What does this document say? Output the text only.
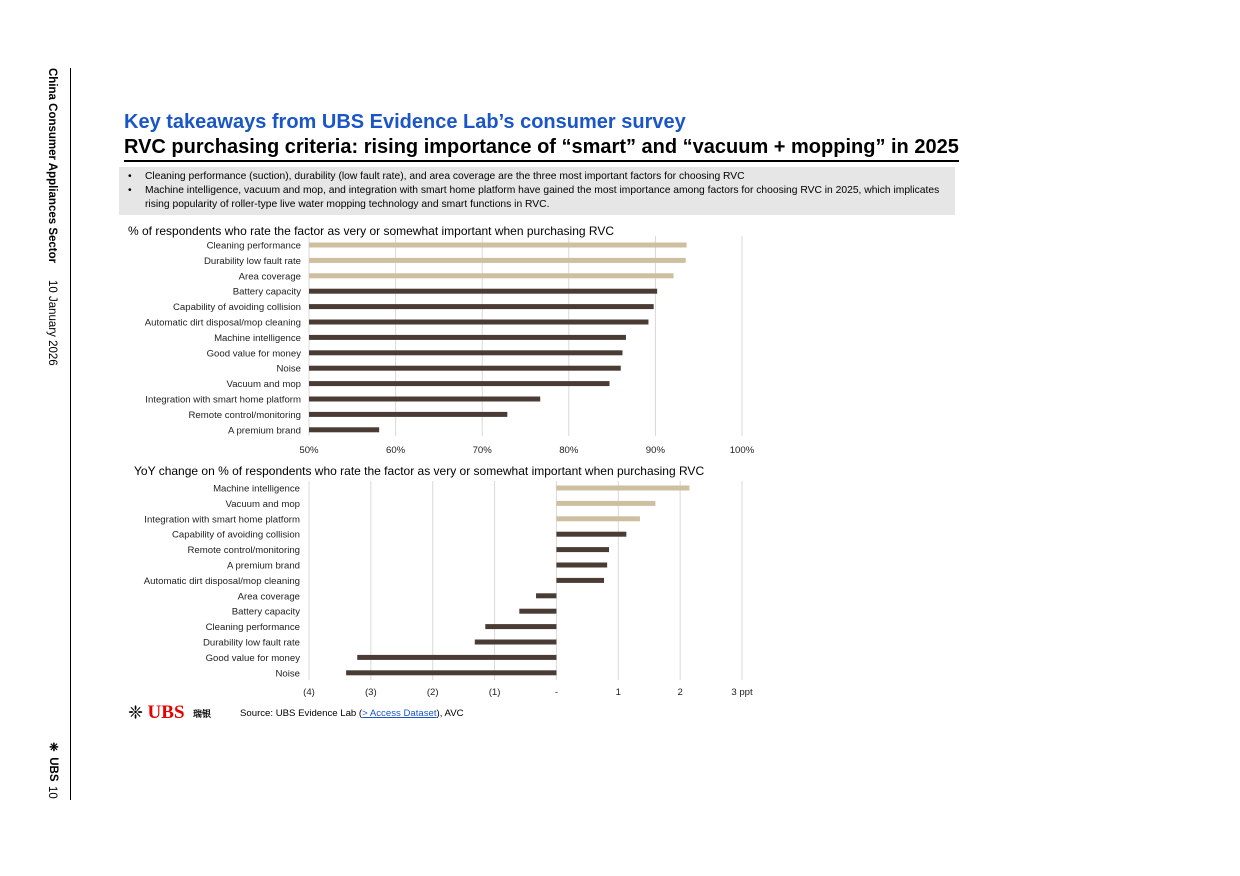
China Consumer Appliances Sector
10 January 2026
❈ UBS
10
Key takeaways from UBS Evidence Lab’s consumer survey
RVC purchasing criteria: rising importance of “smart” and “vacuum + mopping” in 2025
• Cleaning performance (suction), durability (low fault rate), and area coverage are the three most important factors for choosing RVC
• Machine intelligence, vacuum and mop, and integration with smart home platform have gained the most importance among factors for choosing RVC in 2025, which implicates rising popularity of roller-type live water mopping technology and smart functions in RVC.
% of respondents who rate the factor as very or somewhat important when purchasing RVC
50%	60%	70%	80%	90%	100%
Cleaning performance
Durability low fault rate
Area coverage
Battery capacity
Capability of avoiding collision
Automatic dirt disposal/mop cleaning
Machine intelligence
Good value for money
Noise
Vacuum and mop
Integration with smart home platform
Remote control/monitoring
A premium brand
YoY change on % of respondents who rate the factor as very or somewhat important when purchasing RVC
(4)	(3)	(2)	(1)	-	1	2	3 ppt
Machine intelligence
Vacuum and mop
Integration with smart home platform
Capability of avoiding collision
Remote control/monitoring
A premium brand
Automatic dirt disposal/mop cleaning
Area coverage
Battery capacity
Cleaning performance
Durability low fault rate
Good value for money
Noise
❈ UBS 瑞银	Source: UBS Evidence Lab (> Access Dataset), AVC
